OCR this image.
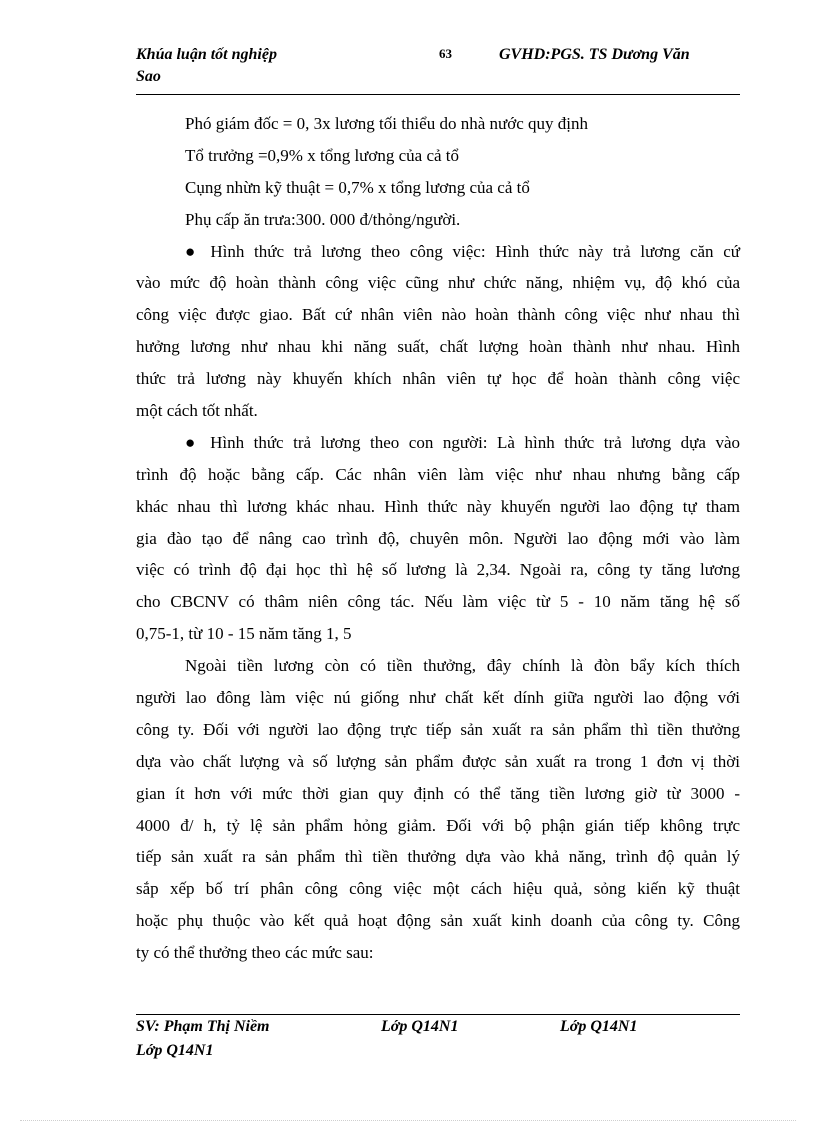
Khúa luận tốt nghiệp	63	GVHD:PGS. TS Dương Văn
Sao
Phó giám đốc = 0, 3x lương tối thiểu do nhà nước quy định
Tổ trưởng =0,9% x tổng lương của cả tổ
Cụng nhừn kỹ thuật = 0,7% x tổng lương của cả tổ
Phụ cấp ăn trưa:300. 000 đ/thỏng/người.
● Hình thức trả lương theo công việc: Hình thức này trả lương căn cứ
vào mức độ hoàn thành công việc cũng như chức năng, nhiệm vụ, độ khó của
công việc được giao. Bất cứ nhân viên nào hoàn thành công việc như nhau thì
hưởng lương như nhau khi năng suất, chất lượng hoàn thành như nhau. Hình
thức trả lương này khuyến khích nhân viên tự học để hoàn thành công việc
một cách tốt nhất.
● Hình thức trả lương theo con người: Là hình thức trả lương dựa vào
trình độ hoặc bằng cấp. Các nhân viên làm việc như nhau nhưng bằng cấp
khác nhau thì lương khác nhau. Hình thức này khuyến người lao động tự tham
gia đào tạo để nâng cao trình độ, chuyên môn. Người lao động mới vào làm
việc có trình độ đại học thì hệ số lương là 2,34. Ngoài ra, công ty tăng lương
cho CBCNV có thâm niên công tác. Nếu làm việc từ 5 - 10 năm tăng hệ số
0,75-1, từ 10 - 15 năm tăng 1, 5
Ngoài tiền lương còn có tiền thưởng, đây chính là đòn bẩy kích thích
người lao đông làm việc nú giống như chất kết dính giữa người lao động với
công ty. Đối với người lao động trực tiếp sản xuất ra sản phẩm thì tiền thưởng
dựa vào chất lượng và số lượng sản phẩm được sản xuất ra trong 1 đơn vị thời
gian ít hơn với mức thời gian quy định có thể tăng tiền lương giờ từ 3000 -
4000 đ/ h, tỷ lệ sản phẩm hỏng giảm. Đối với bộ phận gián tiếp không trực
tiếp sản xuất ra sản phẩm thì tiền thưởng dựa vào khả năng, trình độ quản lý
sắp xếp bố trí phân công công việc một cách hiệu quả, sỏng kiến kỹ thuật
hoặc phụ thuộc vào kết quả hoạt động sản xuất kinh doanh của công ty. Công
ty có thể thưởng theo các mức sau:
SV: Phạm Thị Niềm	Lớp Q14N1	Lớp Q14N1
Lớp Q14N1
